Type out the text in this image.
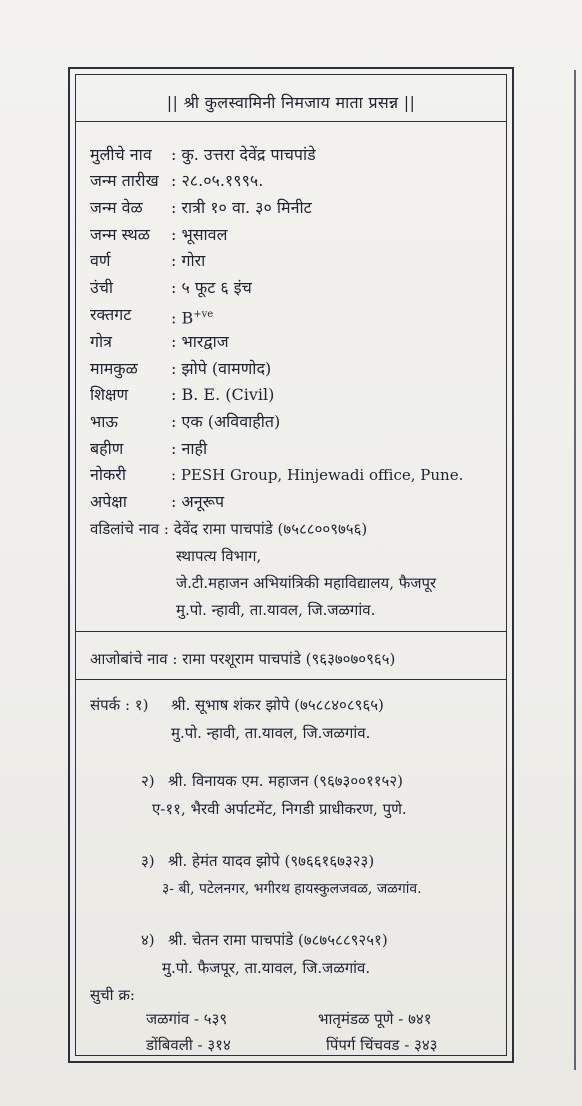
|| श्री कुलस्वामिनी निमजाय माता प्रसन्न ||
मुलीचे नाव : कु. उत्तरा देवेंद्र पाचपांडे
जन्म तारीख : २८.०५.१९९५.
जन्म वेळ : रात्री १० वा. ३० मिनीट
जन्म स्थळ : भूसावल
वर्ण	: गोरा
उंची	: ५ फूट ६ इंच
रक्तगट : $B^{+ve}$
गोत्र	: भारद्वाज
मामकुळ : झोपे (वामणोद)
शिक्षण	: B. E. (Civil)
भाऊ	: एक (अविवाहीत)
बहीण	: नाही
नोकरी	: PESH Group, Hinjewadi office, Pune.
अपेक्षा	: अनूरूप
वडिलांचे नाव : देवेंद रामा पाचपांडे (७५८८००९७५६)
स्थापत्य विभाग,
जे.टी.महाजन अभियांत्रिकी महाविद्यालय, फैजपूर
मु.पो. न्हावी, ता.यावल, जि.जळगांव.
आजोबांचे नाव : रामा परशूराम पाचपांडे (९६३७०७०९६५)
संपर्क : १) श्री. सूभाष शंकर झोपे (७५८८४०८९६५)
मु.पो. न्हावी, ता.यावल, जि.जळगांव.
२) श्री. विनायक एम. महाजन (९६७३००११५२)
ए-११, भैरवी अर्पाटमेंट, निगडी प्राधीकरण, पुणे.
३) श्री. हेमंत यादव झोपे (९७६६१६७३२३)
३- बी, पटेलनगर, भगीरथ हायस्कुलजवळ, जळगांव.
४) श्री. चेतन रामा पाचपांडे (७८७५८८९२५१)
मु.पो. फैजपूर, ता.यावल, जि.जळगांव.
सुची क्र:
जळगांव - ५३९	भातृमंडळ पूणे - ७४१
डोंबिवली - ३१४	पिंपर्ग चिंचवड - ३४३
